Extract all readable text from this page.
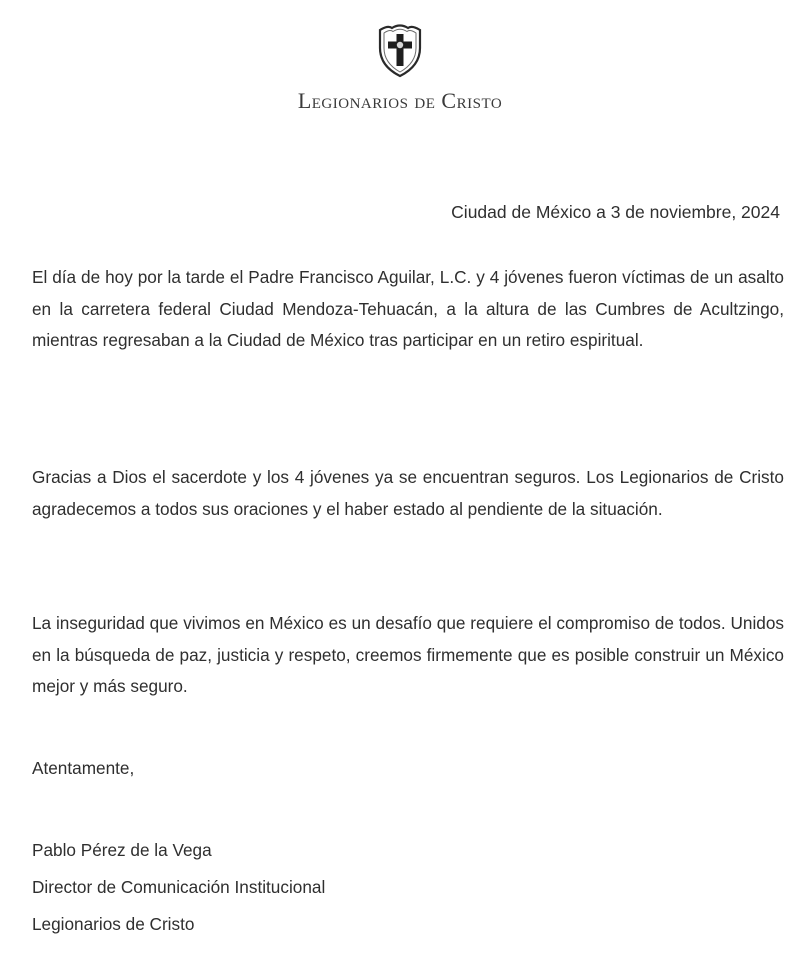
Legionarios de Cristo
Ciudad de México a 3 de noviembre, 2024
El día de hoy por la tarde el Padre Francisco Aguilar, L.C. y 4 jóvenes fueron víctimas de un asalto en la carretera federal Ciudad Mendoza-Tehuacán, a la altura de las Cumbres de Acultzingo, mientras regresaban a la Ciudad de México tras participar en un retiro espiritual.
Gracias a Dios el sacerdote y los 4 jóvenes ya se encuentran seguros. Los Legionarios de Cristo agradecemos a todos sus oraciones y el haber estado al pendiente de la situación.
La inseguridad que vivimos en México es un desafío que requiere el compromiso de todos. Unidos en la búsqueda de paz, justicia y respeto, creemos firmemente que es posible construir un México mejor y más seguro.
Atentamente,
Pablo Pérez de la Vega
Director de Comunicación Institucional
Legionarios de Cristo
